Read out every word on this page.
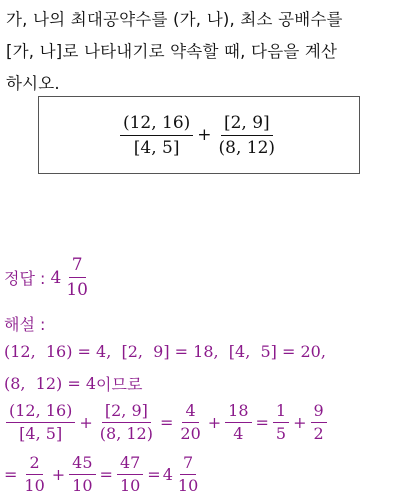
가, 나의 최대공약수를 (가, 나), 최소 공배수를
[가, 나]로 나타내기로 약속할 때, 다음을 계산
하시오.
$\frac{(12, 16)}{[4, 5]} + \frac{[2, 9]}{(8, 12)}$
정답 : $4 \frac{7}{10}$
해설 :
(12,  16) = 4,  [2,  9] = 18,  [4,  5] = 20,
(8,  12) = 4 이므로
$\frac{(12, 16)}{[4, 5]} + \frac{[2, 9]}{(8, 12)} = \frac{4}{20} + \frac{18}{4} = \frac{1}{5} + \frac{9}{2}$
= $\frac{2}{10} + \frac{45}{10} = \frac{47}{10} = 4 \frac{7}{10}$
